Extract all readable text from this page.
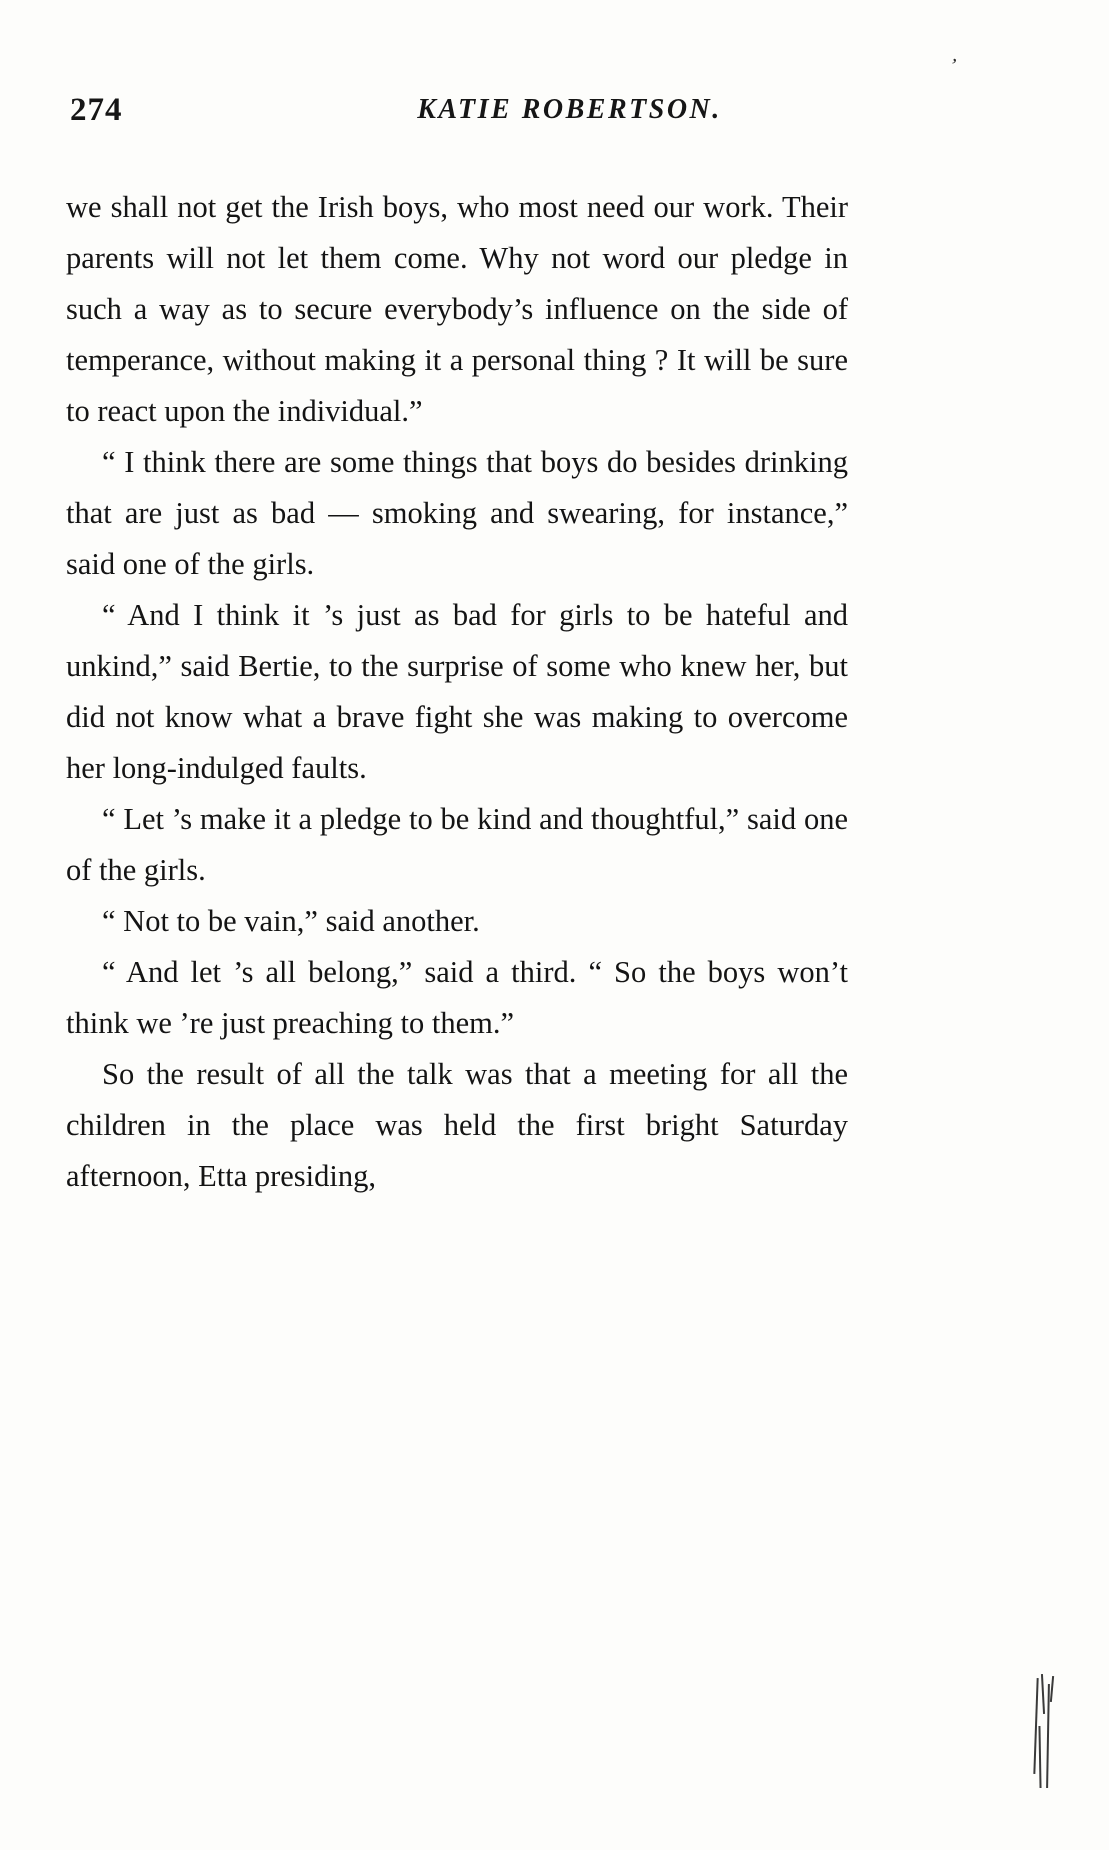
274	KATIE ROBERTSON.
’

we shall not get the Irish boys, who most need our work. Their parents will not let them come. Why not word our pledge in such a way as to secure everybody’s influence on the side of temperance, without making it a personal thing ? It will be sure to react upon the individual.”

“ I think there are some things that boys do besides drinking that are just as bad — smoking and swearing, for instance,” said one of the girls.

“ And I think it ’s just as bad for girls to be hateful and unkind,” said Bertie, to the surprise of some who knew her, but did not know what a brave fight she was making to overcome her long-indulged faults.

“ Let ’s make it a pledge to be kind and thoughtful,” said one of the girls.

“ Not to be vain,” said another.

“ And let ’s all belong,” said a third. “ So the boys won’t think we ’re just preaching to them.”

So the result of all the talk was that a meeting for all the children in the place was held the first bright Saturday afternoon, Etta presiding,
